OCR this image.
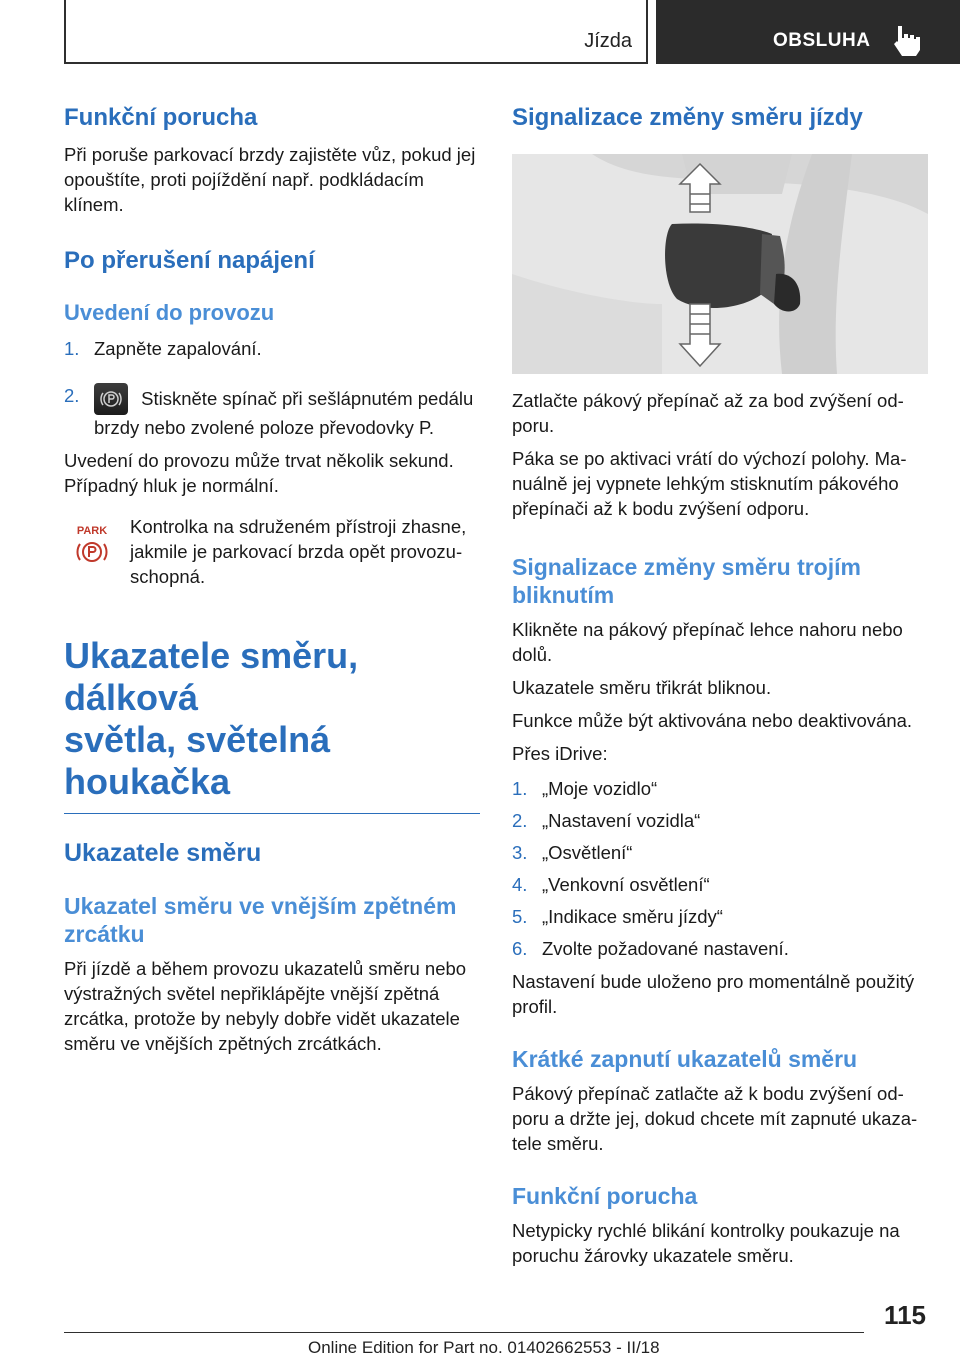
Jízda	OBSLUHA
Funkční porucha

Při poruše parkovací brzdy zajistěte vůz, pokud jej opouštíte, proti pojíždění např. podkládacím klínem.

Po přerušení napájení
Uvedení do provozu
1. Zapněte zapalování.
2.	Stiskněte spínač při sešlápnutém pedálu brzdy nebo zvolené poloze převodovky P.

Uvedení do provozu může trvat několik sekund. Případný hluk je normální.

PARK Kontrolka na sdruženém přístroji zhasne, jakmile je parkovací brzda opět provozuschopná.

Ukazatele směru, dálková
světla, světelná houkačka
Ukazatele směru
Ukazatel směru ve vnějším zpětném zrcátku

Při jízdě a během provozu ukazatelů směru nebo výstražných světel nepřiklápějte vnější zpětná zrcátka, protože by nebyly dobře vidět ukazatele směru ve vnějších zpětných zrcátkách.

Signalizace změny směru jízdy

Zatlačte pákový přepínač až za bod zvýšení odporu.

Páka se po aktivaci vrátí do výchozí polohy. Manuálně jej vypnete lehkým stisknutím pákového přepínači až k bodu zvýšení odporu.

Signalizace změny směru trojím bliknutím

Klikněte na pákový přepínač lehce nahoru nebo dolů.

Ukazatele směru třikrát bliknou.

Funkce může být aktivována nebo deaktivována.

Přes iDrive:

1. „Moje vozidlo“
2. „Nastavení vozidla“
3. „Osvětlení“
4. „Venkovní osvětlení“
5. „Indikace směru jízdy“
6. Zvolte požadované nastavení.

Nastavení bude uloženo pro momentálně použitý profil.

Krátké zapnutí ukazatelů směru

Pákový přepínač zatlačte až k bodu zvýšení odporu a držte jej, dokud chcete mít zapnuté ukazatele směru.

Funkční porucha

Netypicky rychlé blikání kontrolky poukazuje na poruchu žárovky ukazatele směru.

115
Online Edition for Part no. 01402662553 - II/18
